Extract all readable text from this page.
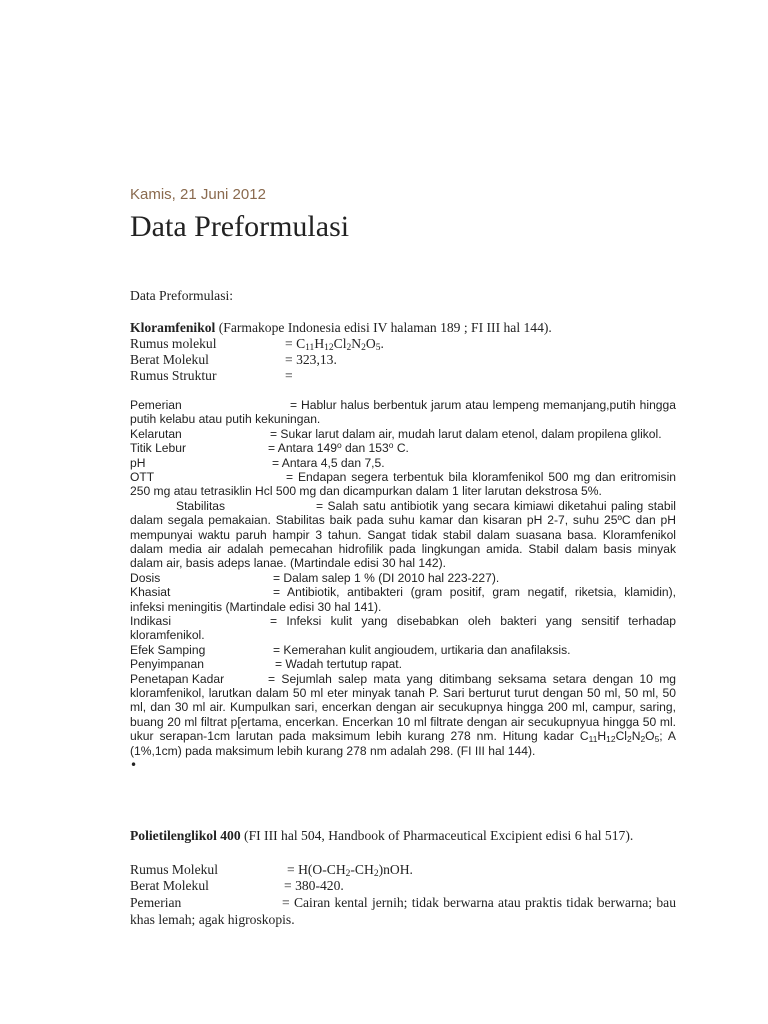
Kamis, 21 Juni 2012
Data Preformulasi
Data Preformulasi:
Kloramfenikol (Farmakope Indonesia edisi IV halaman 189 ; FI III hal 144).
Rumus molekul	= $C_{11}H_{12}Cl_2N_2O_5$.
Berat Molekul	= 323,13.
Rumus Struktur	=
Pemerian	= Hablur halus berbentuk jarum atau lempeng memanjang,putih hingga putih kelabu atau putih kekuningan.
Kelarutan	= Sukar larut dalam air, mudah larut dalam etenol, dalam propilena glikol.
Titik Lebur	= Antara 149$^o$ dan 153$^o$ C.
pH	= Antara 4,5 dan 7,5.
OTT	= Endapan segera terbentuk bila kloramfenikol 500 mg dan eritromisin 250 mg atau tetrasiklin Hcl 500 mg dan dicampurkan dalam 1 liter larutan dekstrosa 5%.
Stabilitas	= Salah satu antibiotik yang secara kimiawi diketahui paling stabil dalam segala pemakaian. Stabilitas baik pada suhu kamar dan kisaran pH 2-7, suhu 25ºC dan pH mempunyai waktu paruh hampir 3 tahun. Sangat tidak stabil dalam suasana basa. Kloramfenikol dalam media air adalah pemecahan hidrofilik pada lingkungan amida. Stabil dalam basis minyak dalam air, basis adeps lanae. (Martindale edisi 30 hal 142).
Dosis	= Dalam salep 1 % (DI 2010 hal 223-227).
Khasiat	= Antibiotik, antibakteri (gram positif, gram negatif, riketsia, klamidin), infeksi meningitis (Martindale edisi 30 hal 141).
Indikasi	= Infeksi kulit yang disebabkan oleh bakteri yang sensitif terhadap kloramfenikol.
Efek Samping	= Kemerahan kulit angioudem, urtikaria dan anafilaksis.
Penyimpanan	= Wadah tertutup rapat.
Penetapan Kadar	= Sejumlah salep mata yang ditimbang seksama setara dengan 10 mg kloramfenikol, larutkan dalam 50 ml eter minyak tanah P. Sari berturut turut dengan 50 ml, 50 ml, 50 ml, dan 30 ml air. Kumpulkan sari, encerkan dengan air secukupnya hingga 200 ml, campur, saring, buang 20 ml filtrat p[ertama, encerkan. Encerkan 10 ml filtrate dengan air secukupnyua hingga 50 ml. ukur serapan-1cm larutan pada maksimum lebih kurang 278 nm. Hitung kadar $C_{11}H_{12}Cl_2N_2O_5$; A (1%,1cm) pada maksimum lebih kurang 278 nm adalah 298. (FI III hal 144).
•
Polietilenglikol 400 (FI III hal 504, Handbook of Pharmaceutical Excipient edisi 6 hal 517).
Rumus Molekul	= $H(O-CH_2-CH_2)nOH$.
Berat Molekul	= 380-420.
Pemerian	= Cairan kental jernih; tidak berwarna atau praktis tidak berwarna; bau khas lemah; agak higroskopis.
